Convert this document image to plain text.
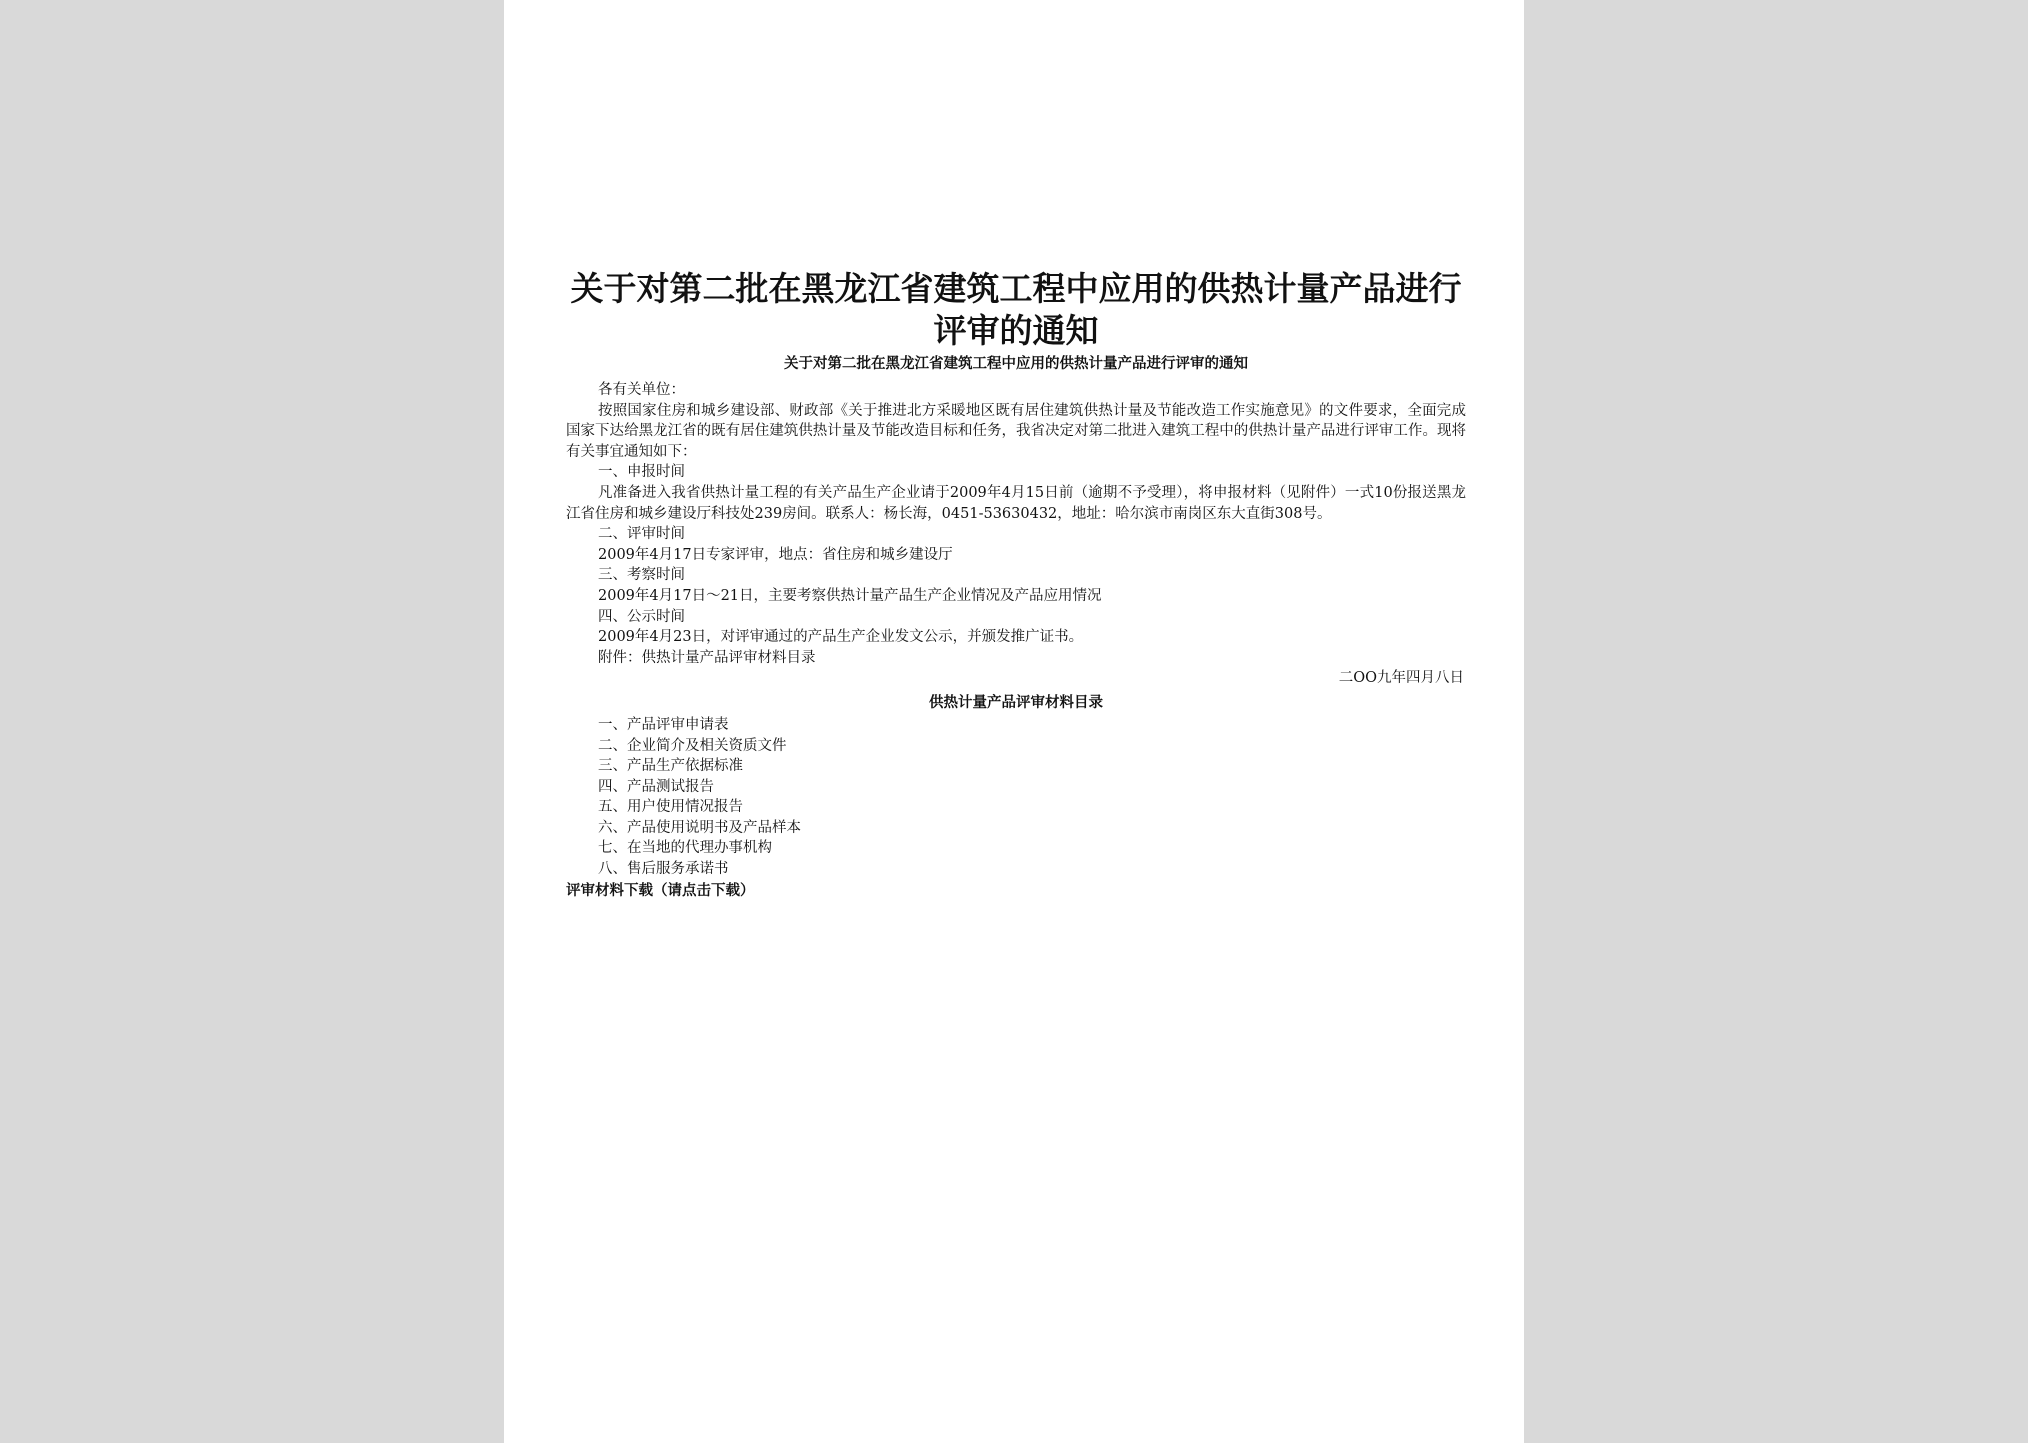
关于对第二批在黑龙江省建筑工程中应用的供热计量产品进行评审的通知
关于对第二批在黑龙江省建筑工程中应用的供热计量产品进行评审的通知
各有关单位：
按照国家住房和城乡建设部、财政部《关于推进北方采暖地区既有居住建筑供热计量及节能改造工作实施意见》的文件要求，全面完成国家下达给黑龙江省的既有居住建筑供热计量及节能改造目标和任务，我省决定对第二批进入建筑工程中的供热计量产品进行评审工作。现将有关事宜通知如下：
一、申报时间
凡准备进入我省供热计量工程的有关产品生产企业请于2009年4月15日前（逾期不予受理），将申报材料（见附件）一式10份报送黑龙江省住房和城乡建设厅科技处239房间。联系人：杨长海，0451-53630432，地址：哈尔滨市南岗区东大直街308号。
二、评审时间
2009年4月17日专家评审，地点：省住房和城乡建设厅
三、考察时间
2009年4月17日～21日，主要考察供热计量产品生产企业情况及产品应用情况
四、公示时间
2009年4月23日，对评审通过的产品生产企业发文公示，并颁发推广证书。
附件：供热计量产品评审材料目录
二OO九年四月八日
供热计量产品评审材料目录
一、产品评审申请表
二、企业简介及相关资质文件
三、产品生产依据标准
四、产品测试报告
五、用户使用情况报告
六、产品使用说明书及产品样本
七、在当地的代理办事机构
八、售后服务承诺书
评审材料下载（请点击下载）
